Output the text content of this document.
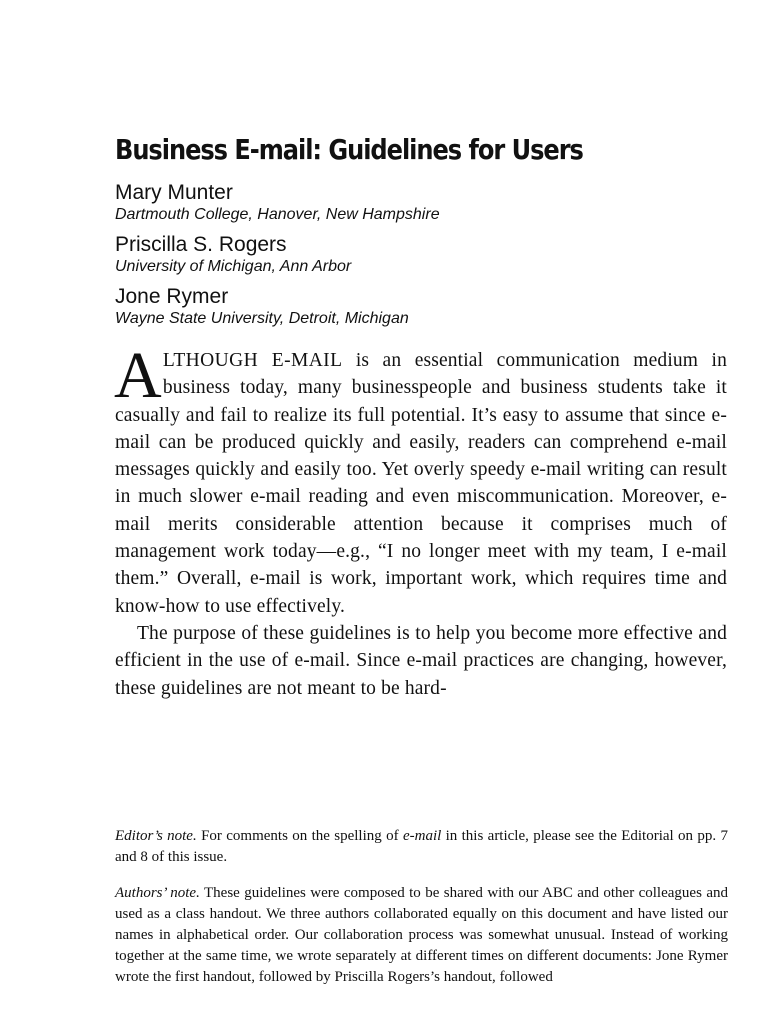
Business E-mail: Guidelines for Users
Mary Munter
Dartmouth College, Hanover, New Hampshire
Priscilla S. Rogers
University of Michigan, Ann Arbor
Jone Rymer
Wayne State University, Detroit, Michigan

ALTHOUGH E-MAIL is an essential communication medium in business today, many businesspeople and business students take it casually and fail to realize its full potential. It’s easy to assume that since e-mail can be produced quickly and easily, readers can comprehend e-mail messages quickly and easily too. Yet overly speedy e-mail writing can result in much slower e-mail reading and even miscommunication. Moreover, e-mail merits considerable attention because it comprises much of management work today—e.g., “I no longer meet with my team, I e-mail them.” Overall, e-mail is work, important work, which requires time and know-how to use effectively.

The purpose of these guidelines is to help you become more effective and efficient in the use of e-mail. Since e-mail practices are changing, however, these guidelines are not meant to be hard-

Editor’s note. For comments on the spelling of e-mail in this article, please see the Editorial on pp. 7 and 8 of this issue.

Authors’ note. These guidelines were composed to be shared with our ABC and other colleagues and used as a class handout. We three authors collaborated equally on this document and have listed our names in alphabetical order. Our collaboration process was somewhat unusual. Instead of working together at the same time, we wrote separately at different times on different documents: Jone Rymer wrote the first handout, followed by Priscilla Rogers’s handout, followed
